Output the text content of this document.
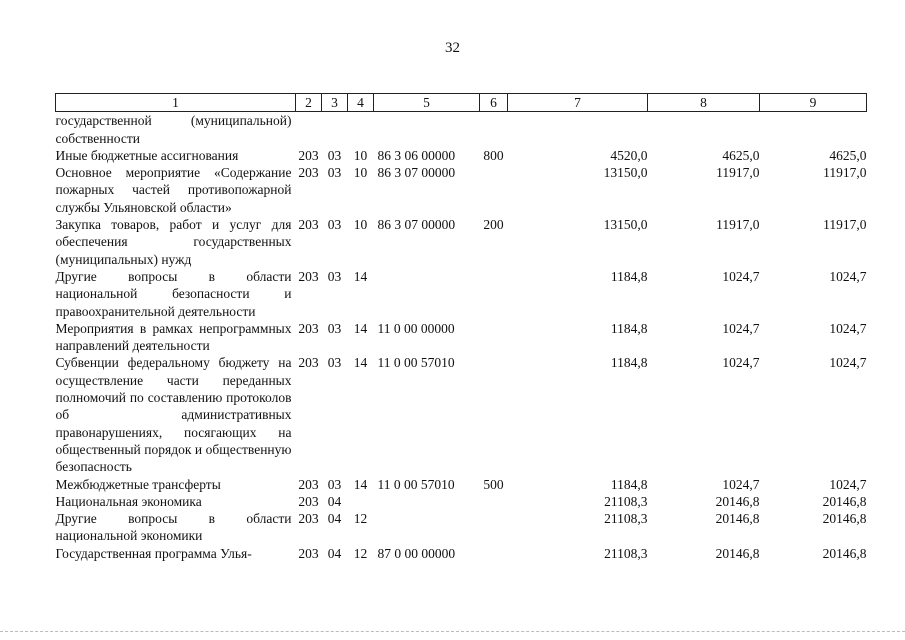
32
1	2	3	4	5	6	7	8	9
государственной (муниципальной) собственности								
Иные бюджетные ассигнования	203	03	10	86 3 06 00000	800	4520,0	4625,0	4625,0
Основное мероприятие «Содержание пожарных частей противопожарной службы Ульяновской области»	203	03	10	86 3 07 00000		13150,0	11917,0	11917,0
Закупка товаров, работ и услуг для обеспечения государственных (муниципальных) нужд	203	03	10	86 3 07 00000	200	13150,0	11917,0	11917,0
Другие вопросы в области национальной безопасности и правоохранительной деятельности	203	03	14			1184,8	1024,7	1024,7
Мероприятия в рамках непрограммных направлений деятельности	203	03	14	11 0 00 00000		1184,8	1024,7	1024,7
Субвенции федеральному бюджету на осуществление части переданных полномочий по составлению протоколов об административных правонарушениях, посягающих на общественный порядок и общественную безопасность	203	03	14	11 0 00 57010		1184,8	1024,7	1024,7
Межбюджетные трансферты	203	03	14	11 0 00 57010	500	1184,8	1024,7	1024,7
Национальная экономика	203	04				21108,3	20146,8	20146,8
Другие вопросы в области национальной экономики	203	04	12			21108,3	20146,8	20146,8
Государственная программа Улья-	203	04	12	87 0 00 00000		21108,3	20146,8	20146,8
